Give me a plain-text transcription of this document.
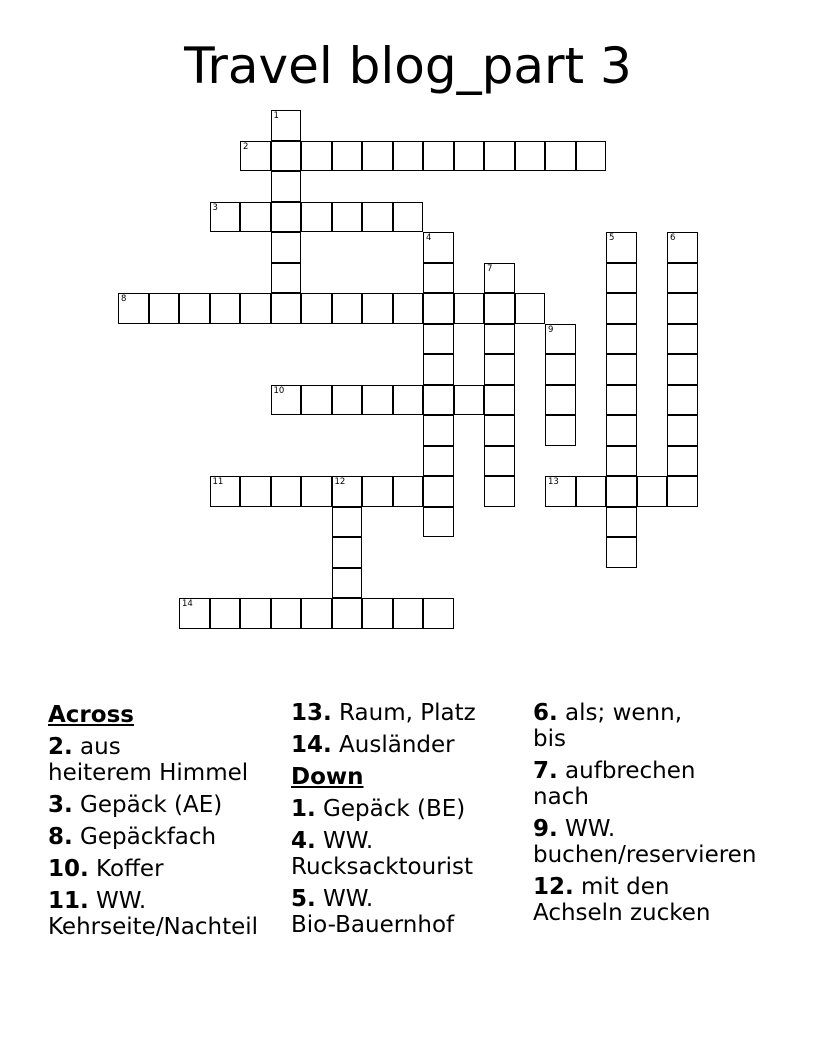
Travel blog_part 3
1
2
3
4	5	6
7
8
9
10
11	12	13
14
Across
2. aus
heiterem Himmel
3. Gepäck (AE)
8. Gepäckfach
10. Koffer
11. WW.
Kehrseite/Nachteil
13. Raum, Platz
14. Ausländer
Down
1. Gepäck (BE)
4. WW.
Rucksacktourist
5. WW.
Bio-Bauernhof
6. als; wenn,
bis
7. aufbrechen
nach
9. WW.
buchen/reservieren
12. mit den
Achseln zucken
